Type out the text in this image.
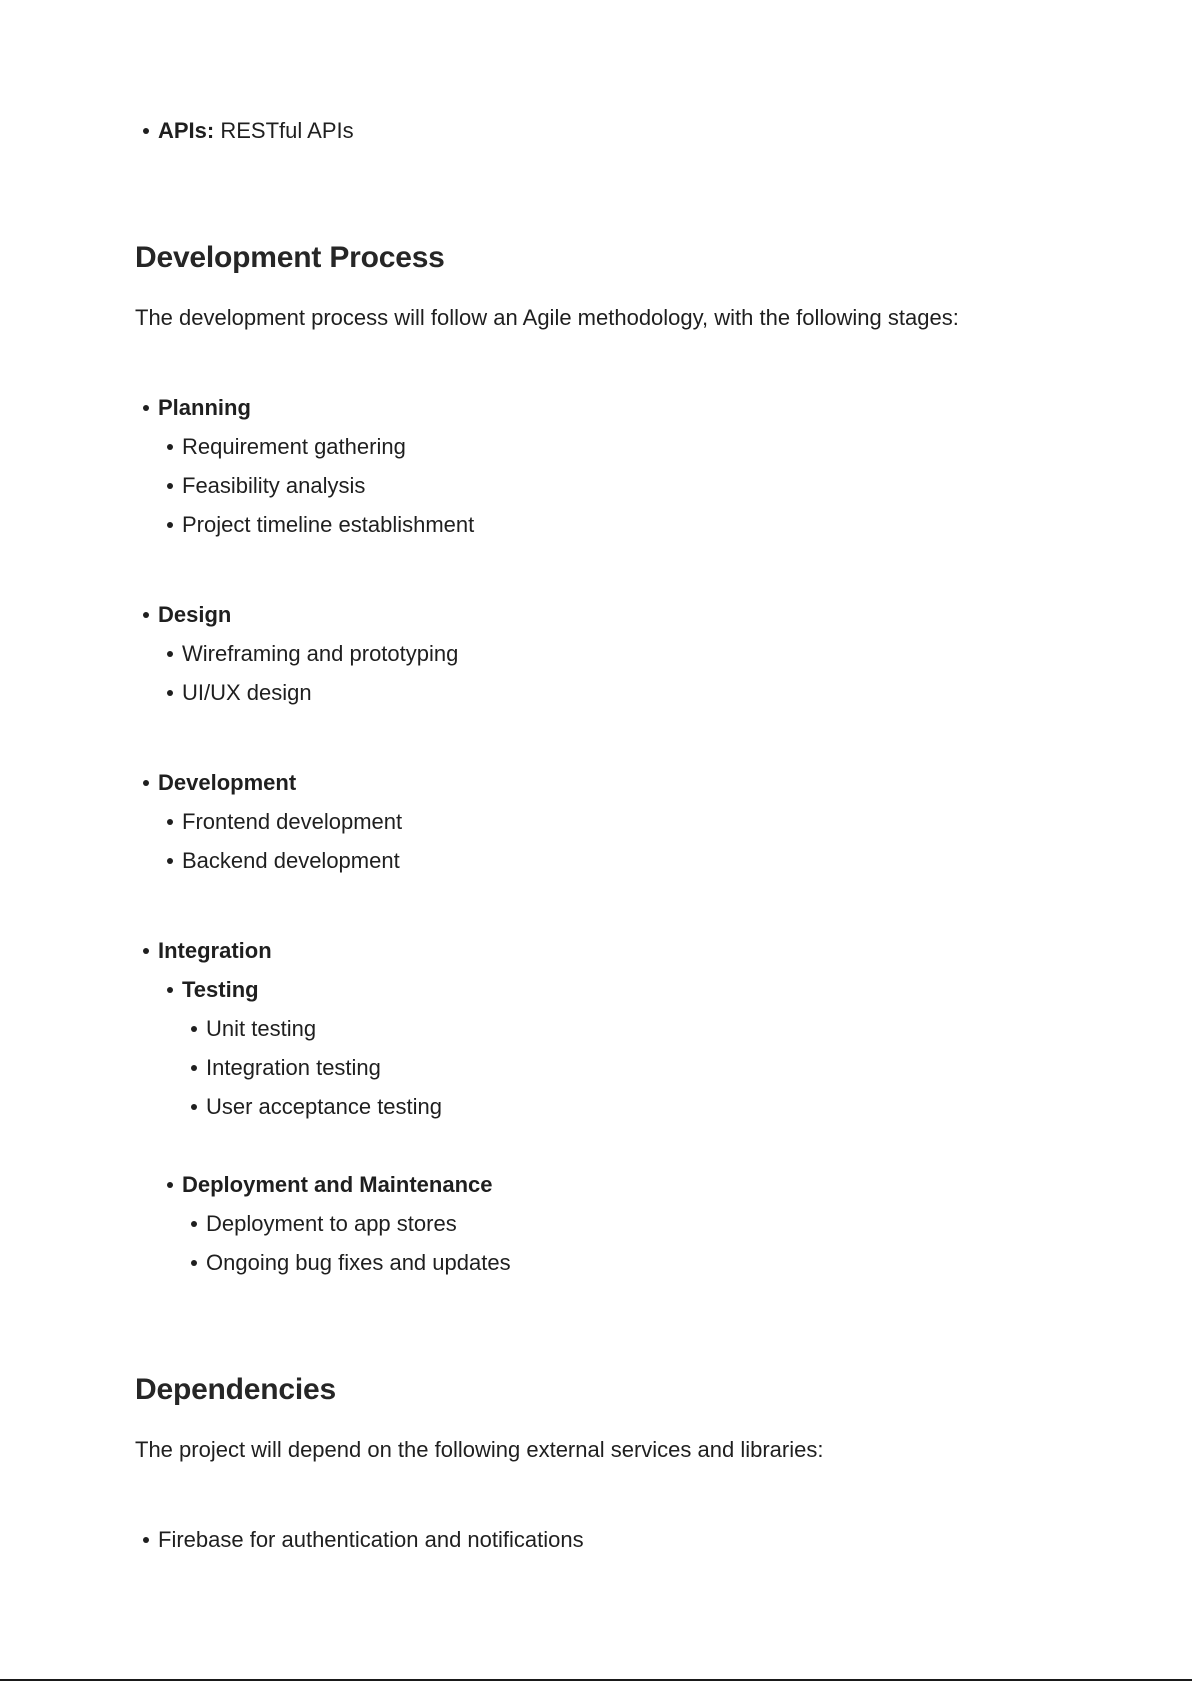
APIs: RESTful APIs
Development Process
The development process will follow an Agile methodology, with the following stages:
Planning
Requirement gathering
Feasibility analysis
Project timeline establishment
Design
Wireframing and prototyping
UI/UX design
Development
Frontend development
Backend development
Integration
Testing
Unit testing
Integration testing
User acceptance testing
Deployment and Maintenance
Deployment to app stores
Ongoing bug fixes and updates
Dependencies
The project will depend on the following external services and libraries:
Firebase for authentication and notifications
